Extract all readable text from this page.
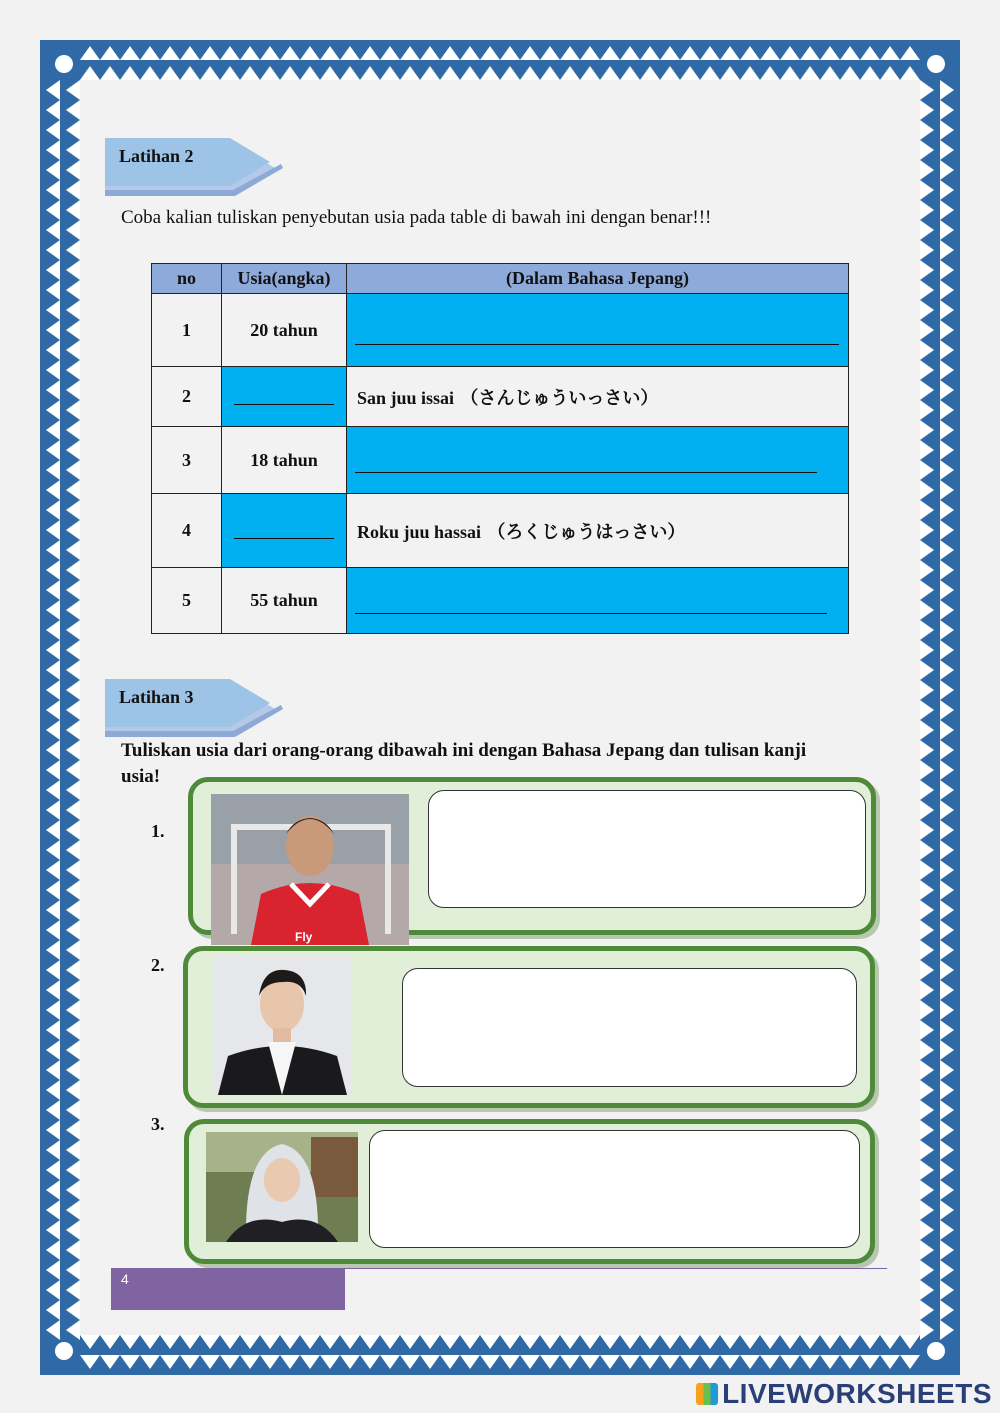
Latihan 2
Coba kalian tuliskan penyebutan usia pada table di bawah ini dengan benar!!!
no	Usia(angka)	(Dalam Bahasa Jepang)
1	20 tahun	
2		San juu issai （さんじゅういっさい）
3	18 tahun	
4		Roku juu hassai （ろくじゅうはっさい）
5	55 tahun	
Latihan 3
Tuliskan usia dari orang-orang dibawah ini dengan Bahasa Jepang dan tulisan kanji
usia!
1.
Fly
2.
3.
4
LIVEWORKSHEETS
